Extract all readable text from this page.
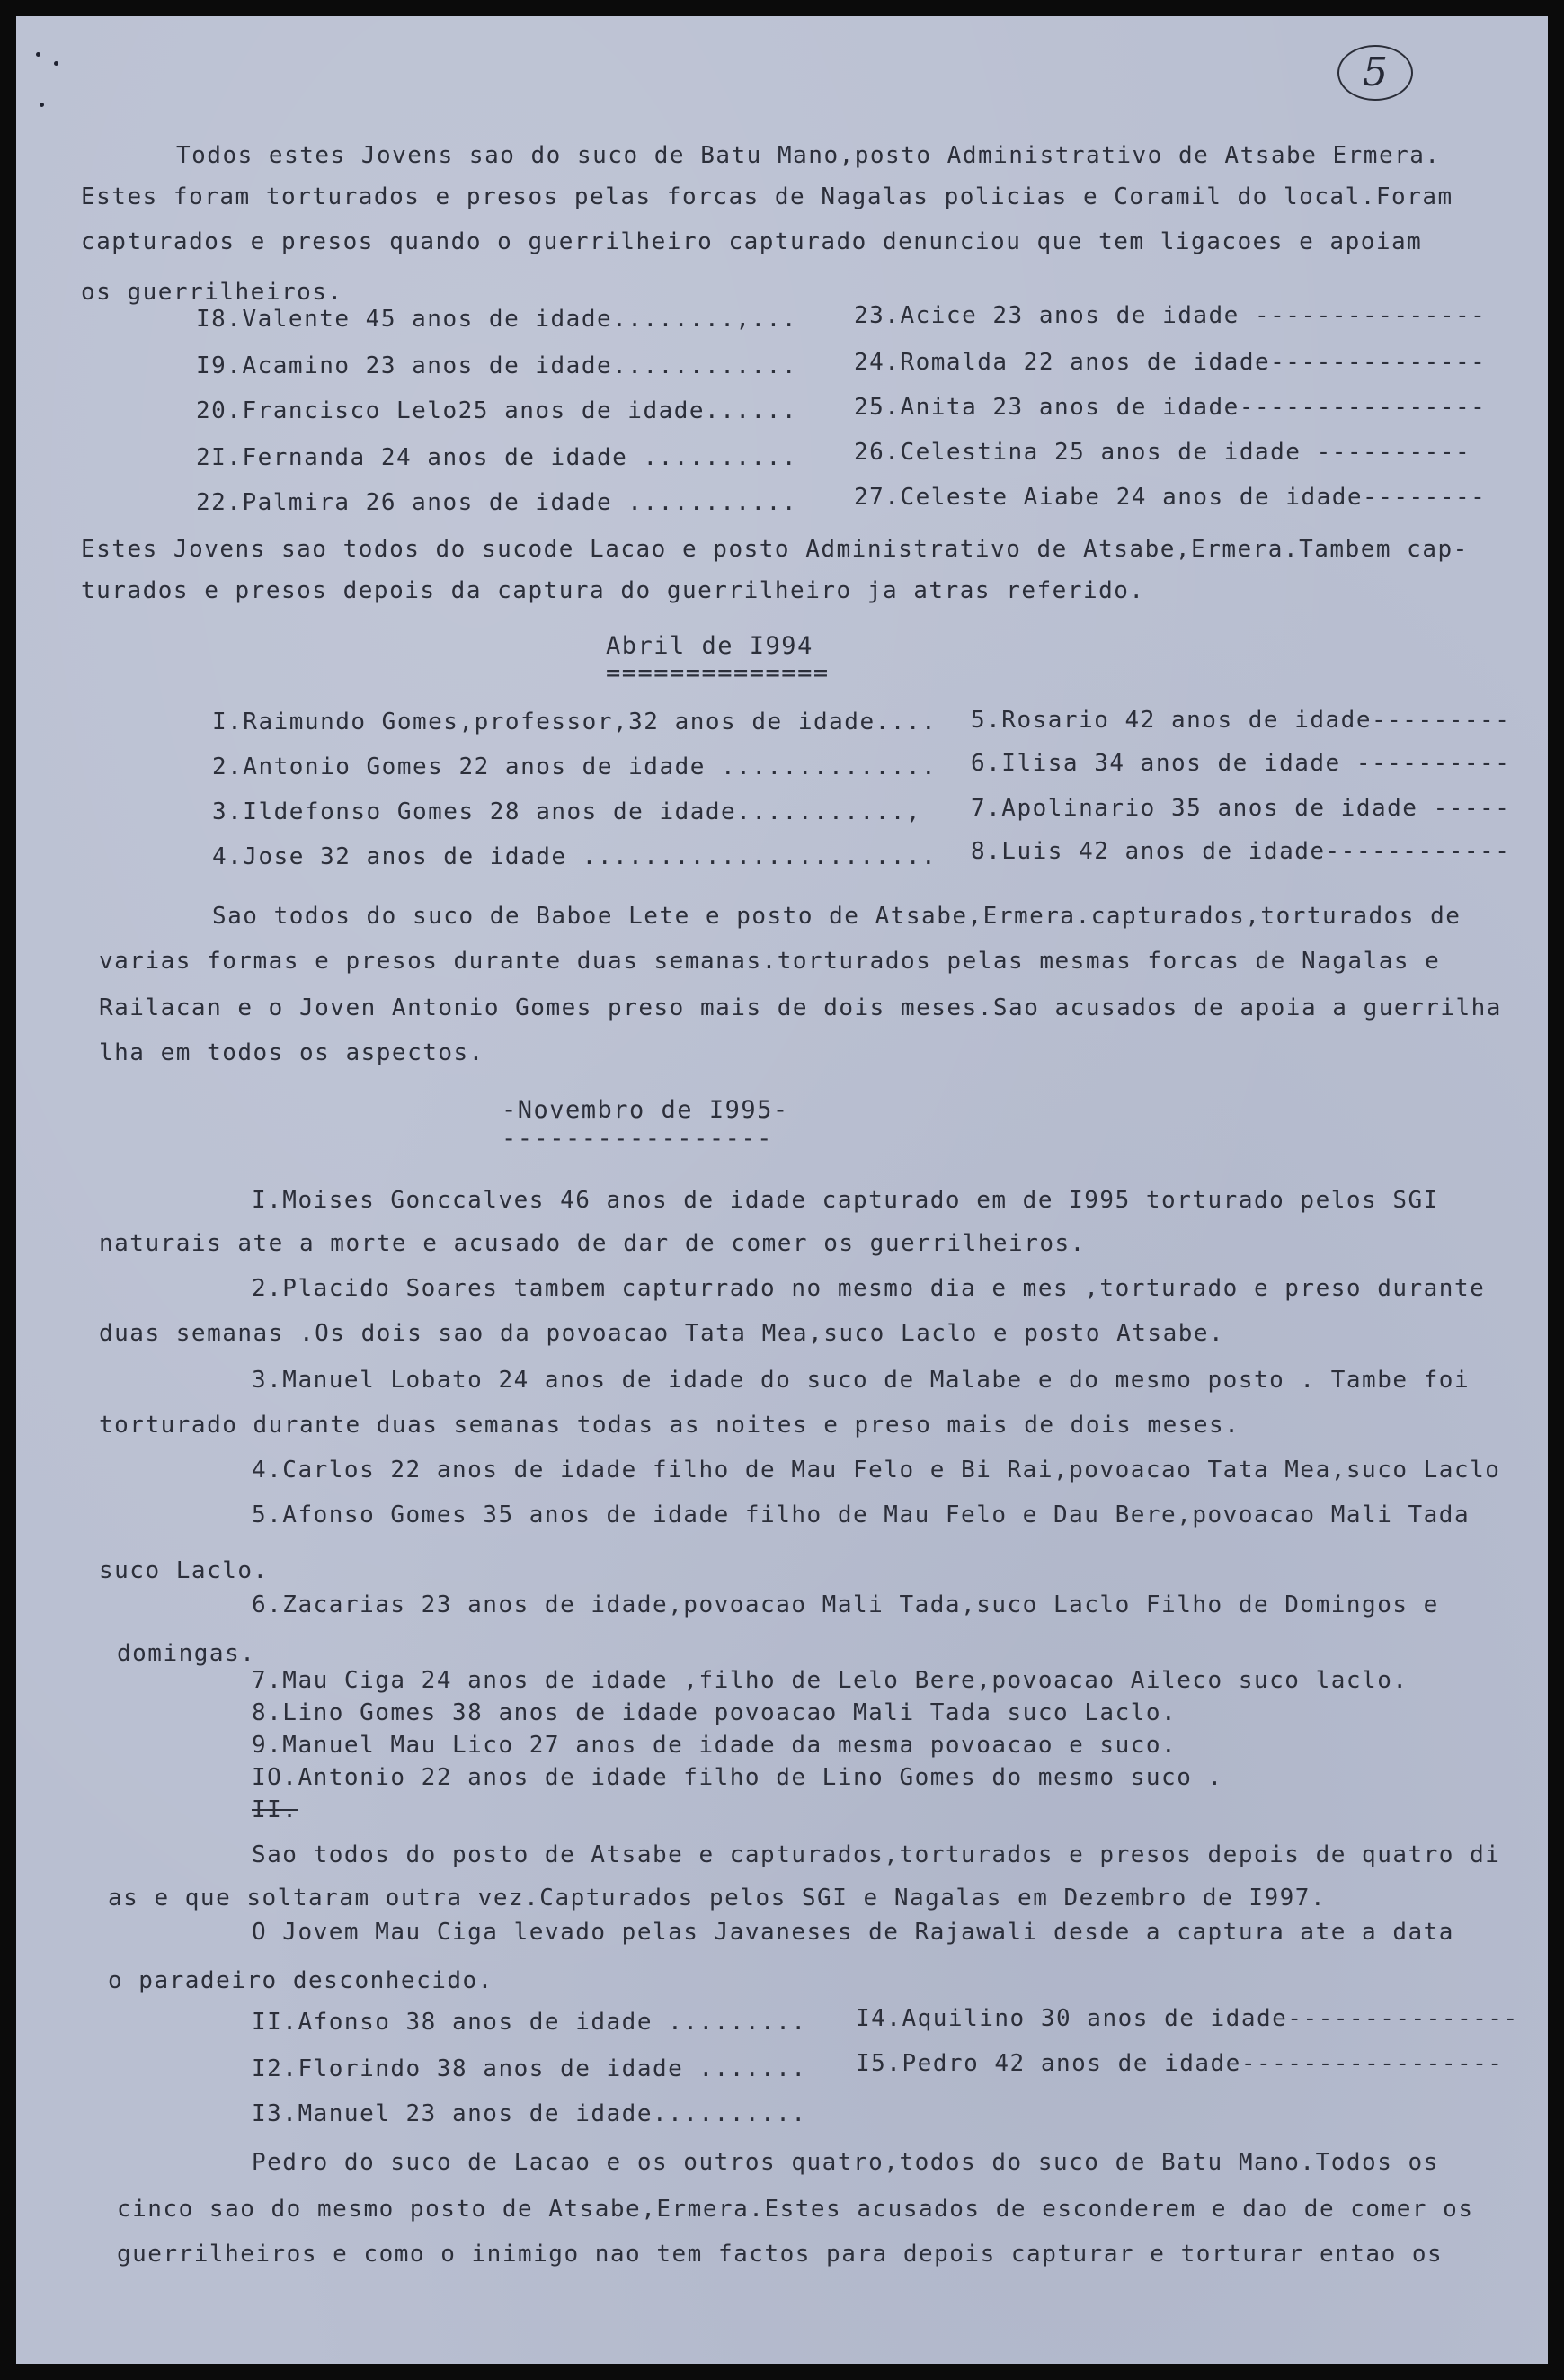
5
Todos estes Jovens sao do suco de Batu Mano,posto Administrativo de Atsabe Ermera.
Estes foram torturados e presos pelas forcas de Nagalas policias e Coramil do local.Foram
capturados e presos quando o guerrilheiro capturado denunciou que tem ligacoes e apoiam
os guerrilheiros.
I8.Valente 45 anos de idade........,... 23.Acice 23 anos de idade ---------------
I9.Acamino 23 anos de idade............ 24.Romalda 22 anos de idade--------------
20.Francisco Lelo25 anos de idade...... 25.Anita 23 anos de idade----------------
2I.Fernanda 24 anos de idade .......... 26.Celestina 25 anos de idade ----------
22.Palmira 26 anos de idade ........... 27.Celeste Aiabe 24 anos de idade--------
Estes Jovens sao todos do sucode Lacao e posto Administrativo de Atsabe,Ermera.Tambem cap-
turados e presos depois da captura do guerrilheiro ja atras referido.
Abril de I994
==============
I.Raimundo Gomes,professor,32 anos de idade.... 5.Rosario 42 anos de idade---------
2.Antonio Gomes 22 anos de idade .............. 6.Ilisa 34 anos de idade ----------
3.Ildefonso Gomes 28 anos de idade..........., 7.Apolinario 35 anos de idade -----
4.Jose 32 anos de idade ....................... 8.Luis 42 anos de idade------------
Sao todos do suco de Baboe Lete e posto de Atsabe,Ermera.capturados,torturados de
varias formas e presos durante duas semanas.torturados pelas mesmas forcas de Nagalas e
Railacan e o Joven Antonio Gomes preso mais de dois meses.Sao acusados de apoia a guerrilha
lha em todos os aspectos.
-Novembro de I995-
-----------------
I.Moises Gonccalves 46 anos de idade capturado em de I995 torturado pelos SGI
naturais ate a morte e acusado de dar de comer os guerrilheiros.
2.Placido Soares tambem capturrado no mesmo dia e mes ,torturado e preso durante
duas semanas .Os dois sao da povoacao Tata Mea,suco Laclo e posto Atsabe.
3.Manuel Lobato 24 anos de idade do suco de Malabe e do mesmo posto . Tambe foi
torturado durante duas semanas todas as noites e preso mais de dois meses.
4.Carlos 22 anos de idade filho de Mau Felo e Bi Rai,povoacao Tata Mea,suco Laclo
5.Afonso Gomes 35 anos de idade filho de Mau Felo e Dau Bere,povoacao Mali Tada
suco Laclo.
6.Zacarias 23 anos de idade,povoacao Mali Tada,suco Laclo Filho de Domingos e
domingas.
7.Mau Ciga 24 anos de idade ,filho de Lelo Bere,povoacao Aileco suco laclo.
8.Lino Gomes 38 anos de idade povoacao Mali Tada suco Laclo.
9.Manuel Mau Lico 27 anos de idade da mesma povoacao e suco.
IO.Antonio 22 anos de idade filho de Lino Gomes do mesmo suco .
II.
Sao todos do posto de Atsabe e capturados,torturados e presos depois de quatro di
as e que soltaram outra vez.Capturados pelos SGI e Nagalas em Dezembro de I997.
O Jovem Mau Ciga levado pelas Javaneses de Rajawali desde a captura ate a data
o paradeiro desconhecido.
II.Afonso 38 anos de idade ......... I4.Aquilino 30 anos de idade---------------
I2.Florindo 38 anos de idade ....... I5.Pedro 42 anos de idade-----------------
I3.Manuel 23 anos de idade..........
Pedro do suco de Lacao e os outros quatro,todos do suco de Batu Mano.Todos os
cinco sao do mesmo posto de Atsabe,Ermera.Estes acusados de esconderem e dao de comer os
guerrilheiros e como o inimigo nao tem factos para depois capturar e torturar entao os
